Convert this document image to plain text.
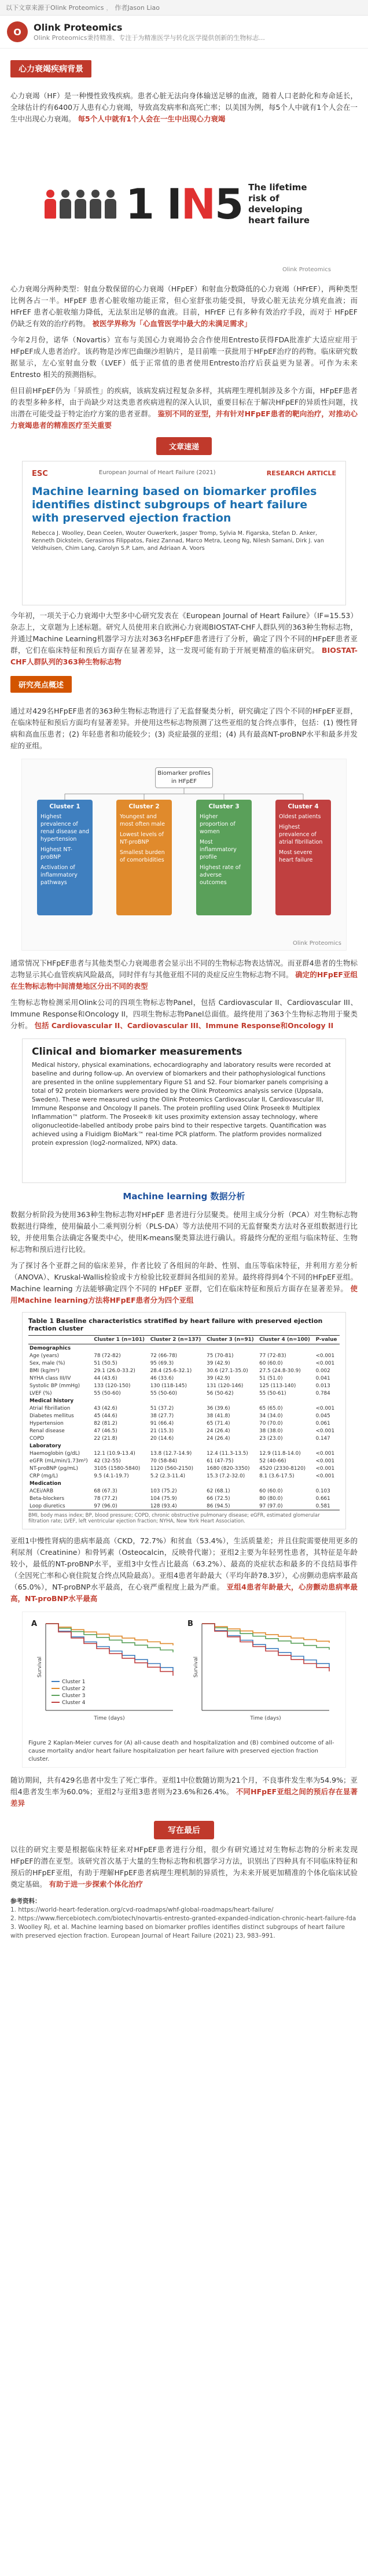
以下文章来源于Olink Proteomics ， 作者Jason Liao
O Olink Proteomics
Olink Proteomics秉持精准、专注于为精准医学与转化医学提供创新的生物标志...
心力衰竭疾病背景

心力衰竭（HF）是一种慢性致残疾病。患者心脏无法向身体输送足够的血液，随着人口老龄化和寿命延长，全球估计约有6400万人患有心力衰竭，导致高发病率和高死亡率；以美国为例，每5个人中就有1个人会在一生中出现心力衰竭。 每5个人中就有1个人会在一生中出现心力衰竭

1 IN5 The lifetime risk of developing heart failure
Olink Proteomics

心力衰竭分两种类型：射血分数保留的心力衰竭（HFpEF）和射血分数降低的心力衰竭（HFrEF），两种类型比例各占一半。HFpEF 患者心脏收缩功能正常，但心室舒张功能受损，导致心脏无法充分填充血液；而 HFrEF 患者心脏收缩力降低，无法泵出足够的血液。目前，HFrEF 已有多种有效治疗手段，而对于 HFpEF 仍缺乏有效的治疗药物。 被医学界称为「心血管医学中最大的未满足需求」

今年2月份，诺华（Novartis）宣布与美国心力衰竭协会合作使用Entresto获得FDA批准扩大适应症用于HFpEF成人患者治疗。该药物是沙库巴曲缬沙坦钠片，是目前唯一获批用于HFpEF治疗的药物。临床研究数据显示，左心室射血分数（LVEF）低于正常值的患者使用Entresto治疗后获益更为显著。可作为未来 Entresto 相关的预测指标。

但目前HFpEF仍为「异质性」的疾病，该病发病过程复杂多样，其病理生理机制涉及多个方面，HFpEF患者的表型多种多样，由于尚缺少对这类患者疾病进程的深入认识，重要目标在于解决HFpEF的异质性问题，找出潜在可能受益于特定治疗方案的患者亚群。 鉴别不同的亚型，并有针对HFpEF患者的靶向治疗，对推动心力衰竭患者的精准医疗至关重要

文章速递
ESC	European Journal of Heart Failure (2021)	RESEARCH ARTICLE
Machine learning based on biomarker profiles identifies distinct subgroups of heart failure with preserved ejection fraction
Rebecca J. Woolley, Dean Ceelen, Wouter Ouwerkerk, Jasper Tromp, Sylvia M. Figarska, Stefan D. Anker, Kenneth Dickstein, Gerasimos Filippatos, Faiez Zannad, Marco Metra, Leong Ng, Nilesh Samani, Dirk J. van Veldhuisen, Chim Lang, Carolyn S.P. Lam, and Adriaan A. Voors

今年初，一项关于心力衰竭中大型多中心研究发表在《European Journal of Heart Failure》（IF=15.53）杂志上，文章题为上述标题。研究人员使用来自欧洲心力衰竭BIOSTAT-CHF人群队列的363种生物标志物，并通过Machine Learning机器学习方法对363名HFpEF患者进行了分析，确定了四个不同的HFpEF患者亚群，它们在临床特征和预后方面存在显著差异，这一发现可能有助于开展更精准的临床研究。 BIOSTAT-CHF人群队列的363种生物标志物

研究亮点概述

通过对429名HFpEF患者的363种生物标志物进行了无监督聚类分析，研究确定了四个不同的HFpEF亚群，在临床特征和预后方面均有显著差异。并使用这些标志物预测了这些亚组的复合终点事件，包括：(1) 慢性肾病和高血压患者；(2) 年轻患者和功能较少；(3) 炎症最强的亚组；(4) 具有最高NT-proBNP水平和最多并发症的亚组。

Biomarker profiles in HFpEF
Cluster 1
Highest prevalence of renal disease and hypertension
Highest NT-proBNP
Activation of inflammatory pathways
Cluster 2
Youngest and most often male
Lowest levels of NT-proBNP
Smallest burden of comorbidities
Cluster 3
Higher proportion of women
Most inflammatory profile
Highest rate of adverse outcomes
Cluster 4
Oldest patients
Highest prevalence of atrial fibrillation
Most severe heart failure
Olink Proteomics

通常情况下HFpEF患者与其他类型心力衰竭患者会显示出不同的生物标志物表达情况。而亚群4患者的生物标志物显示其心血管疾病风险最高，同时伴有与其他亚组不同的炎症反应生物标志物不同。 确定的HFpEF亚组在生物标志物中间清楚地区分出不同的表型

生物标志物检测采用Olink公司的四项生物标志物Panel，包括 Cardiovascular II、Cardiovascular III、Immune Response和Oncology II，四项生物标志物Panel总面值。最终使用了363个生物标志物用于聚类分析。 包括 Cardiovascular II、Cardiovascular III、Immune Response和Oncology II

Clinical and biomarker measurements
Medical history, physical examinations, echocardiography and laboratory results were recorded at baseline and during follow-up. An overview of biomarkers and their pathophysiological functions are presented in the online supplementary Figure S1 and S2. Four biomarker panels comprising a total of 92 protein biomarkers were provided by the Olink Proteomics analysis service (Uppsala, Sweden). These were measured using the Olink Proteomics Cardiovascular II, Cardiovascular III, Immune Response and Oncology II panels. The protein profiling used Olink Proseek® Multiplex Inflammation™ platform. The Proseek® kit uses proximity extension assay technology, where oligonucleotide-labelled antibody probe pairs bind to their respective targets. Quantification was achieved using a Fluidigm BioMark™ real-time PCR platform. The platform provides normalized protein expression (log2-normalized, NPX) data.
Machine learning 数据分析

数据分析阶段为使用363种生物标志物对HFpEF 患者进行分层聚类。使用主成分分析（PCA）对生物标志物数据进行降维，使用偏最小二乘判别分析（PLS-DA）等方法使用不同的无监督聚类方法对各亚组数据进行比较，并使用集合法确定各聚类中心，使用K-means聚类算法进行确认。将最终分配的亚组与临床特征、生物标志物和预后进行比较。

为了探讨各个亚群之间的临床差异，作者比较了各组间的年龄、性别、血压等临床特征，并利用方差分析（ANOVA）、Kruskal-Wallis检验或卡方检验比较亚群间各组间的差异。最终将得到4个不同的HFpEF亚组。Machine learning 方法能够确定四个不同的 HFpEF 亚群，它们在临床特征和预后方面存在显著差异。 使用Machine learning方法将HFpEF患者分为四个亚组

Table 1 Baseline characteristics stratified by heart failure with preserved ejection fraction cluster
	Cluster 1 (n=101)	Cluster 2 (n=137)	Cluster 3 (n=91)	Cluster 4 (n=100)	P-value
Demographics					
Age (years)	78 (72-82)	72 (66-78)	75 (70-81)	77 (72-83)	<0.001
Sex, male (%)	51 (50.5)	95 (69.3)	39 (42.9)	60 (60.0)	<0.001
BMI (kg/m²)	29.1 (26.0-33.2)	28.4 (25.6-32.1)	30.6 (27.1-35.0)	27.5 (24.8-30.9)	0.002
NYHA class III/IV	44 (43.6)	46 (33.6)	39 (42.9)	51 (51.0)	0.041
Systolic BP (mmHg)	133 (120-150)	130 (118-145)	131 (120-146)	125 (113-140)	0.013
LVEF (%)	55 (50-60)	55 (50-60)	56 (50-62)	55 (50-61)	0.784
Medical history					
Atrial fibrillation	43 (42.6)	51 (37.2)	36 (39.6)	65 (65.0)	<0.001
Diabetes mellitus	45 (44.6)	38 (27.7)	38 (41.8)	34 (34.0)	0.045
Hypertension	82 (81.2)	91 (66.4)	65 (71.4)	70 (70.0)	0.061
Renal disease	47 (46.5)	21 (15.3)	24 (26.4)	38 (38.0)	<0.001
COPD	22 (21.8)	20 (14.6)	24 (26.4)	23 (23.0)	0.147
Laboratory					
Haemoglobin (g/dL)	12.1 (10.9-13.4)	13.8 (12.7-14.9)	12.4 (11.3-13.5)	12.9 (11.8-14.0)	<0.001
eGFR (mL/min/1.73m²)	42 (32-55)	70 (58-84)	61 (47-75)	52 (40-66)	<0.001
NT-proBNP (pg/mL)	3105 (1580-5840)	1120 (560-2150)	1680 (820-3350)	4520 (2330-8120)	<0.001
CRP (mg/L)	9.5 (4.1-19.7)	5.2 (2.3-11.4)	15.3 (7.2-32.0)	8.1 (3.6-17.5)	<0.001
Medication					
ACEi/ARB	68 (67.3)	103 (75.2)	62 (68.1)	60 (60.0)	0.103
Beta-blockers	78 (77.2)	104 (75.9)	66 (72.5)	80 (80.0)	0.661
Loop diuretics	97 (96.0)	128 (93.4)	86 (94.5)	97 (97.0)	0.581
BMI, body mass index; BP, blood pressure; COPD, chronic obstructive pulmonary disease; eGFR, estimated glomerular filtration rate; LVEF, left ventricular ejection fraction; NYHA, New York Heart Association.

亚组1中慢性肾病的患病率最高（CKD，72.7%）和贫血（53.4%），生活质量差；并且住院需要使用更多的利尿剂（Creatinine）和骨钙素（Osteocalcin，反映骨代谢）；亚组2主要为年轻男性患者，其特征是年龄较小，最低的NT-proBNP水平，亚组3中女性占比最高（63.2%）、最高的炎症状态和最多的不良结局事件（全因死亡率和心衰住院复合终点风险最高）。亚组4患者年龄最大（平均年龄78.3岁），心房颤动患病率最高（65.0%），NT-proBNP水平最高，在心衰严重程度上最为严重。 亚组4患者年龄最大，心房颤动患病率最高，NT-proBNP水平最高

A
Time (days)
Survival
Cluster 1
Cluster 2
Cluster 3
Cluster 4
B
Time (days)
Survival
Figure 2 Kaplan-Meier curves for (A) all-cause death and hospitalization and (B) combined outcome of all-cause mortality and/or heart failure hospitalization per heart failure with preserved ejection fraction cluster.

随访期间，共有429名患者中发生了死亡事件。亚组1中位数随访期为21个月，不良事件发生率为54.9%；亚组4患者发生率为60.0%；亚组2与亚组3患者则为23.6%和26.4%。 不同HFpEF亚组之间的预后存在显著差异

写在最后

以往的研究主要是根据临床特征来对HFpEF患者进行分组，很少有研究通过对生物标志物的分析来发现HFpEF的潜在亚型。该研究首次基于大量的生物标志物和机器学习方法，识别出了四种具有不同临床特征和预后的HFpEF亚组，有助于理解HFpEF患者病理生理机制的异质性，为未来开展更加精准的个体化临床试验奠定基础。 有助于进一步探索个体化治疗

参考资料：
1. https://world-heart-federation.org/cvd-roadmaps/whf-global-roadmaps/heart-failure/
2. https://www.fiercebiotech.com/biotech/novartis-entresto-granted-expanded-indication-chronic-heart-failure-fda
3. Woolley RJ, et al. Machine learning based on biomarker profiles identifies distinct subgroups of heart failure with preserved ejection fraction. European Journal of Heart Failure (2021) 23, 983–991.
